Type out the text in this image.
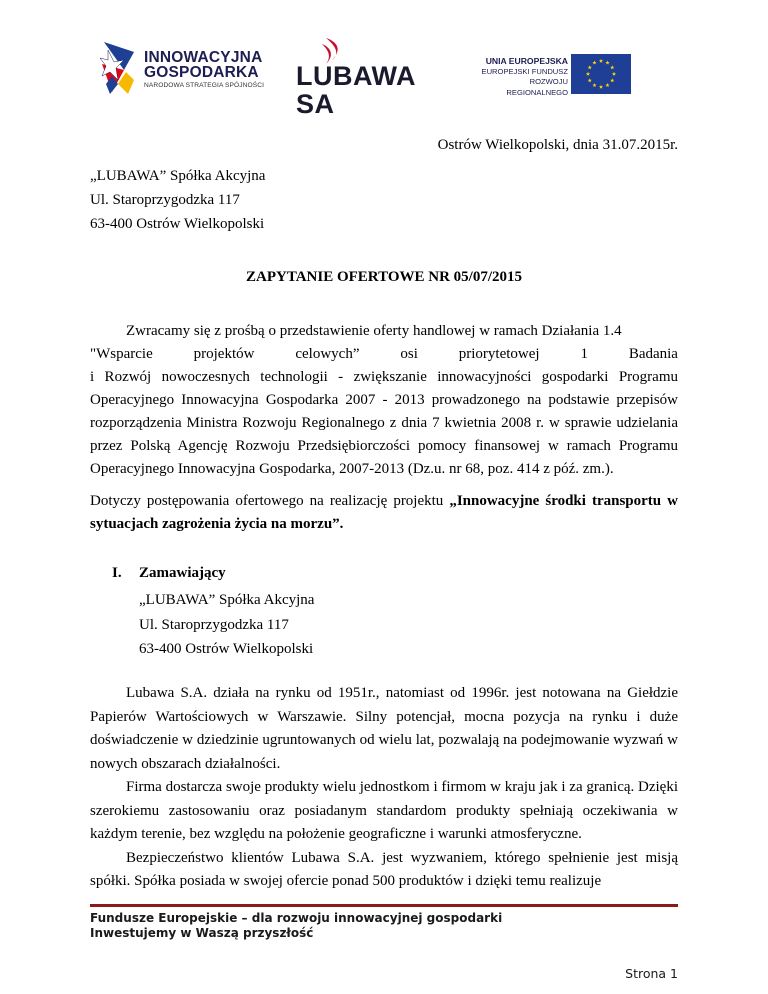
INNOWACYJNA
GOSPODARKA
NARODOWA STRATEGIA SPÓJNOŚCI LUBAWA SA
UNIA EUROPEJSKA
EUROPEJSKI FUNDUSZ
ROZWOJU REGIONALNEGO
Ostrów Wielkopolski, dnia 31.07.2015r.
„LUBAWA” Spółka Akcyjna
Ul. Staroprzygodzka 117
63-400 Ostrów Wielkopolski
ZAPYTANIE OFERTOWE NR 05/07/2015
Zwracamy się z prośbą o przedstawienie oferty handlowej w ramach Działania 1.4
"Wsparcie	projektów	celowych”	osi	priorytetowej	1	Badania
i Rozwój nowoczesnych technologii - zwiększanie innowacyjności gospodarki Programu Operacyjnego Innowacyjna Gospodarka 2007 - 2013 prowadzonego na podstawie przepisów rozporządzenia Ministra Rozwoju Regionalnego z dnia 7 kwietnia 2008 r. w sprawie udzielania przez Polską Agencję Rozwoju Przedsiębiorczości pomocy finansowej w ramach Programu Operacyjnego Innowacyjna Gospodarka, 2007-2013 (Dz.u. nr 68, poz. 414 z póź. zm.).
Dotyczy postępowania ofertowego na realizację projektu „Innowacyjne środki transportu w sytuacjach zagrożenia życia na morzu”.
I. Zamawiający
„LUBAWA” Spółka Akcyjna
Ul. Staroprzygodzka 117
63-400 Ostrów Wielkopolski
Lubawa S.A. działa na rynku od 1951r., natomiast od 1996r. jest notowana na Giełdzie Papierów Wartościowych w Warszawie. Silny potencjał, mocna pozycja na rynku i duże doświadczenie w dziedzinie ugruntowanych od wielu lat, pozwalają na podejmowanie wyzwań w nowych obszarach działalności.
Firma dostarcza swoje produkty wielu jednostkom i firmom w kraju jak i za granicą. Dzięki szerokiemu zastosowaniu oraz posiadanym standardom produkty spełniają oczekiwania w każdym terenie, bez względu na położenie geograficzne i warunki atmosferyczne.
Bezpieczeństwo klientów Lubawa S.A. jest wyzwaniem, którego spełnienie jest misją spółki. Spółka posiada w swojej ofercie ponad 500 produktów i dzięki temu realizuje
Fundusze Europejskie – dla rozwoju innowacyjnej gospodarki
Inwestujemy w Waszą przyszłość
Strona 1
